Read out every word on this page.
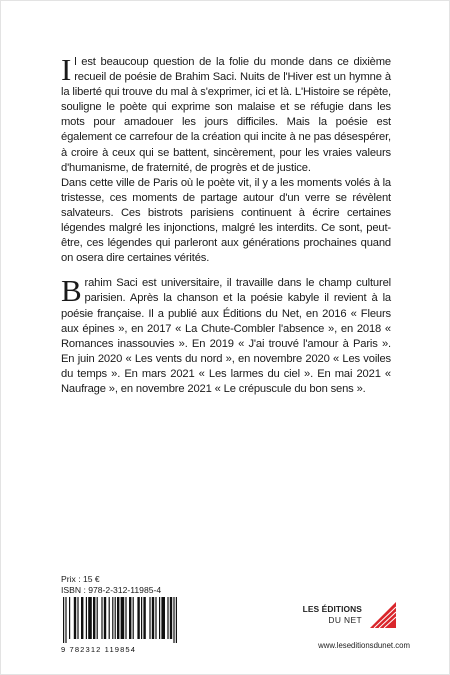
Il est beaucoup question de la folie du monde dans ce dixième recueil de poésie de Brahim Saci. Nuits de l'Hiver est un hymne à la liberté qui trouve du mal à s'exprimer, ici et là. L'Histoire se répète, souligne le poète qui exprime son malaise et se réfugie dans les mots pour amadouer les jours difficiles. Mais la poésie est également ce carrefour de la création qui incite à ne pas désespérer, à croire à ceux qui se battent, sincèrement, pour les vraies valeurs d'humanisme, de fraternité, de progrès et de justice.

Dans cette ville de Paris où le poète vit, il y a les moments volés à la tristesse, ces moments de partage autour d'un verre se révèlent salvateurs. Ces bistrots parisiens continuent à écrire certaines légendes malgré les injonctions, malgré les interdits. Ce sont, peut-être, ces légendes qui parleront aux générations prochaines quand on osera dire certaines vérités.

Brahim Saci est universitaire, il travaille dans le champ culturel parisien. Après la chanson et la poésie kabyle il revient à la poésie française. Il a publié aux Éditions du Net, en 2016 « Fleurs aux épines », en 2017 « La Chute-Combler l'absence », en 2018 « Romances inassouvies ». En 2019 « J'ai trouvé l'amour à Paris ». En juin 2020 « Les vents du nord », en novembre 2020 « Les voiles du temps ». En mars 2021 « Les larmes du ciel ». En mai 2021 « Naufrage », en novembre 2021 « Le crépuscule du bon sens ».

Prix : 15 €
ISBN : 978-2-312-11985-4
9 782312 119854
LES ÉDITIONS
DU NET
www.leseditionsdunet.com
